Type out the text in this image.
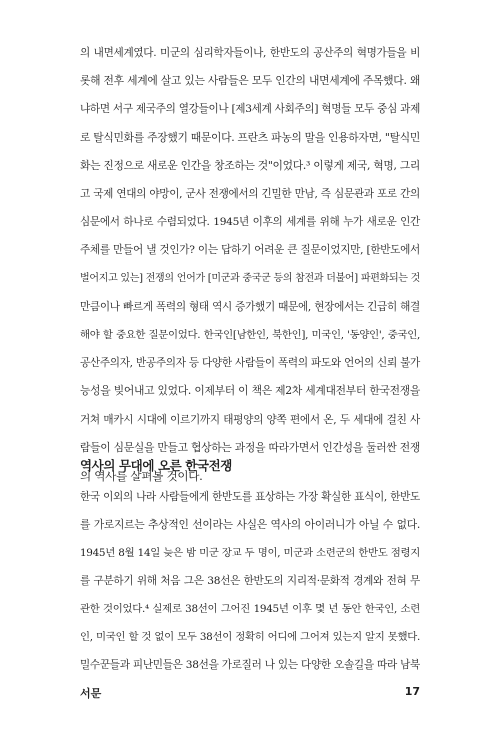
의 내면세계였다. 미군의 심리학자들이나, 한반도의 공산주의 혁명가들을 비
롯해 전후 세계에 살고 있는 사람들은 모두 인간의 내면세계에 주목했다. 왜
냐하면 서구 제국주의 열강들이나 [제3세계 사회주의] 혁명들 모두 중심 과제
로 탈식민화를 주장했기 때문이다. 프란츠 파농의 말을 인용하자면, "탈식민
화는 진정으로 새로운 인간을 창조하는 것"이었다.³ 이렇게 제국, 혁명, 그리
고 국제 연대의 야망이, 군사 전쟁에서의 긴밀한 만남, 즉 심문관과 포로 간의
심문에서 하나로 수렴되었다. 1945년 이후의 세계를 위해 누가 새로운 인간
주체를 만들어 낼 것인가? 이는 답하기 어려운 큰 질문이었지만, [한반도에서
벌어지고 있는] 전쟁의 언어가 [미군과 중국군 등의 참전과 더불어] 파편화되는 것
만큼이나 빠르게 폭력의 형태 역시 증가했기 때문에, 현장에서는 긴급히 해결
해야 할 중요한 질문이었다. 한국인[남한인, 북한인], 미국인, '동양인', 중국인,
공산주의자, 반공주의자 등 다양한 사람들이 폭력의 파도와 언어의 신뢰 불가
능성을 빚어내고 있었다. 이제부터 이 책은 제2차 세계대전부터 한국전쟁을
거쳐 매카시 시대에 이르기까지 태평양의 양쪽 편에서 온, 두 세대에 걸친 사
람들이 심문실을 만들고 협상하는 과정을 따라가면서 인간성을 둘러싼 전쟁
의 역사를 살펴볼 것이다.
역사의 무대에 오른 한국전쟁
한국 이외의 나라 사람들에게 한반도를 표상하는 가장 확실한 표식이, 한반도
를 가로지르는 추상적인 선이라는 사실은 역사의 아이러니가 아닐 수 없다.
1945년 8월 14일 늦은 밤 미군 장교 두 명이, 미군과 소련군의 한반도 점령지
를 구분하기 위해 처음 그은 38선은 한반도의 지리적·문화적 경계와 전혀 무
관한 것이었다.⁴ 실제로 38선이 그어진 1945년 이후 몇 년 동안 한국인, 소련
인, 미국인 할 것 없이 모두 38선이 정확히 어디에 그어져 있는지 알지 못했다.
밀수꾼들과 피난민들은 38선을 가로질러 나 있는 다양한 오솔길을 따라 남북
서문	17
